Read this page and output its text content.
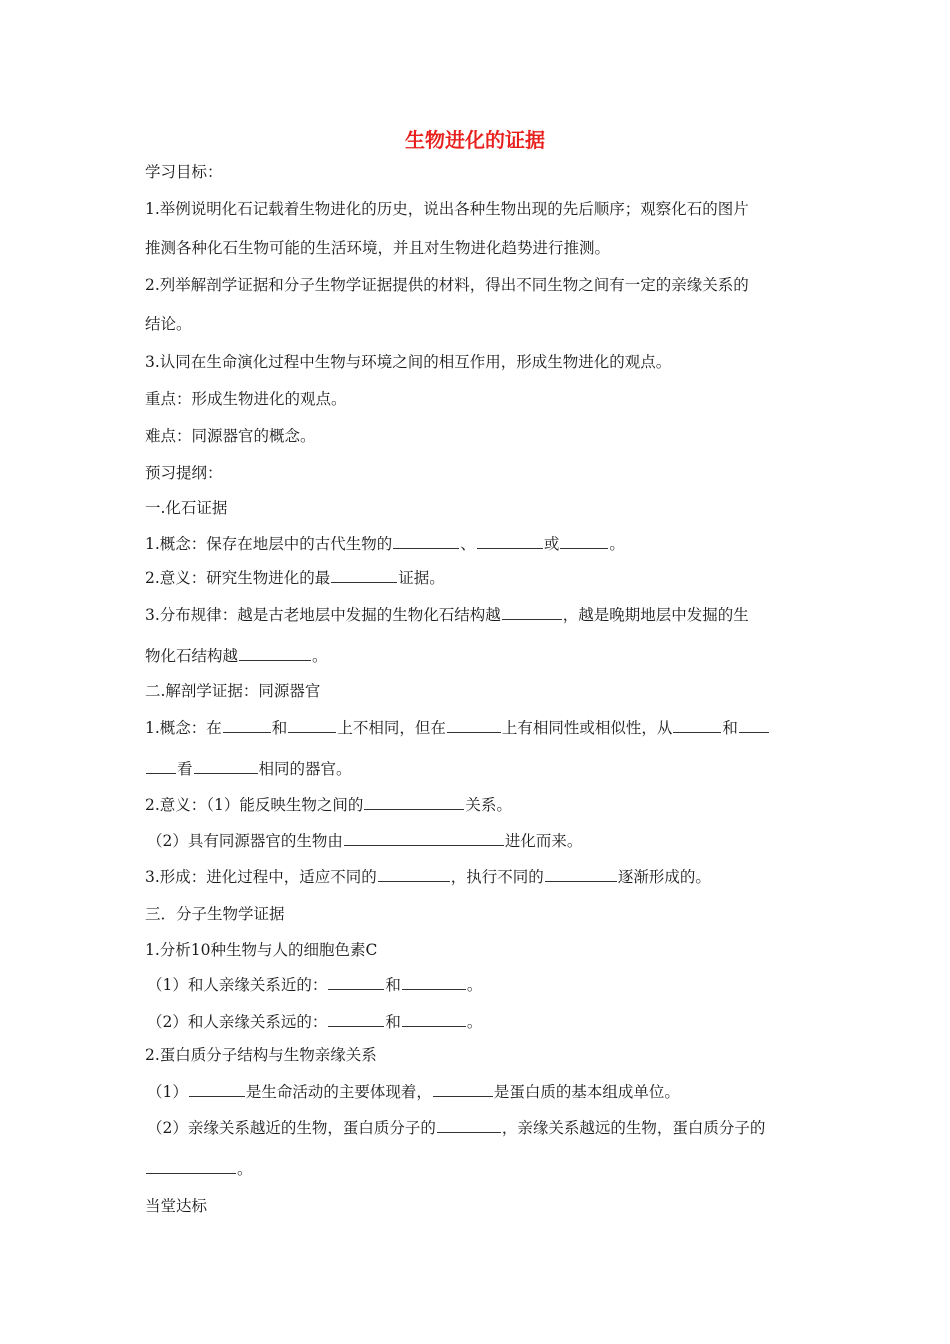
生物进化的证据
学习目标：
1.举例说明化石记载着生物进化的历史，说出各种生物出现的先后顺序；观察化石的图片
推测各种化石生物可能的生活环境，并且对生物进化趋势进行推测。
2.列举解剖学证据和分子生物学证据提供的材料，得出不同生物之间有一定的亲缘关系的
结论。
3.认同在生命演化过程中生物与环境之间的相互作用，形成生物进化的观点。
重点：形成生物进化的观点。
难点：同源器官的概念。
预习提纲：
一.化石证据
1.概念：保存在地层中的古代生物的	、	或	。
2.意义：研究生物进化的最	证据。
3.分布规律：越是古老地层中发掘的生物化石结构越	，越是晚期地层中发掘的生
物化石结构越	。
二.解剖学证据：同源器官
1.概念：在	和	上不相同，但在	上有相同性或相似性，从	和
看	相同的器官。
2.意义：（1）能反映生物之间的	关系。
（2）具有同源器官的生物由	进化而来。
3.形成：进化过程中，适应不同的	，执行不同的	逐渐形成的。
三．分子生物学证据
1.分析10种生物与人的细胞色素C
（1）和人亲缘关系近的：	和	。
（2）和人亲缘关系远的：	和	。
2.蛋白质分子结构与生物亲缘关系
（1）	是生命活动的主要体现着，	是蛋白质的基本组成单位。
（2）亲缘关系越近的生物，蛋白质分子的	，亲缘关系越远的生物，蛋白质分子的
。
当堂达标
